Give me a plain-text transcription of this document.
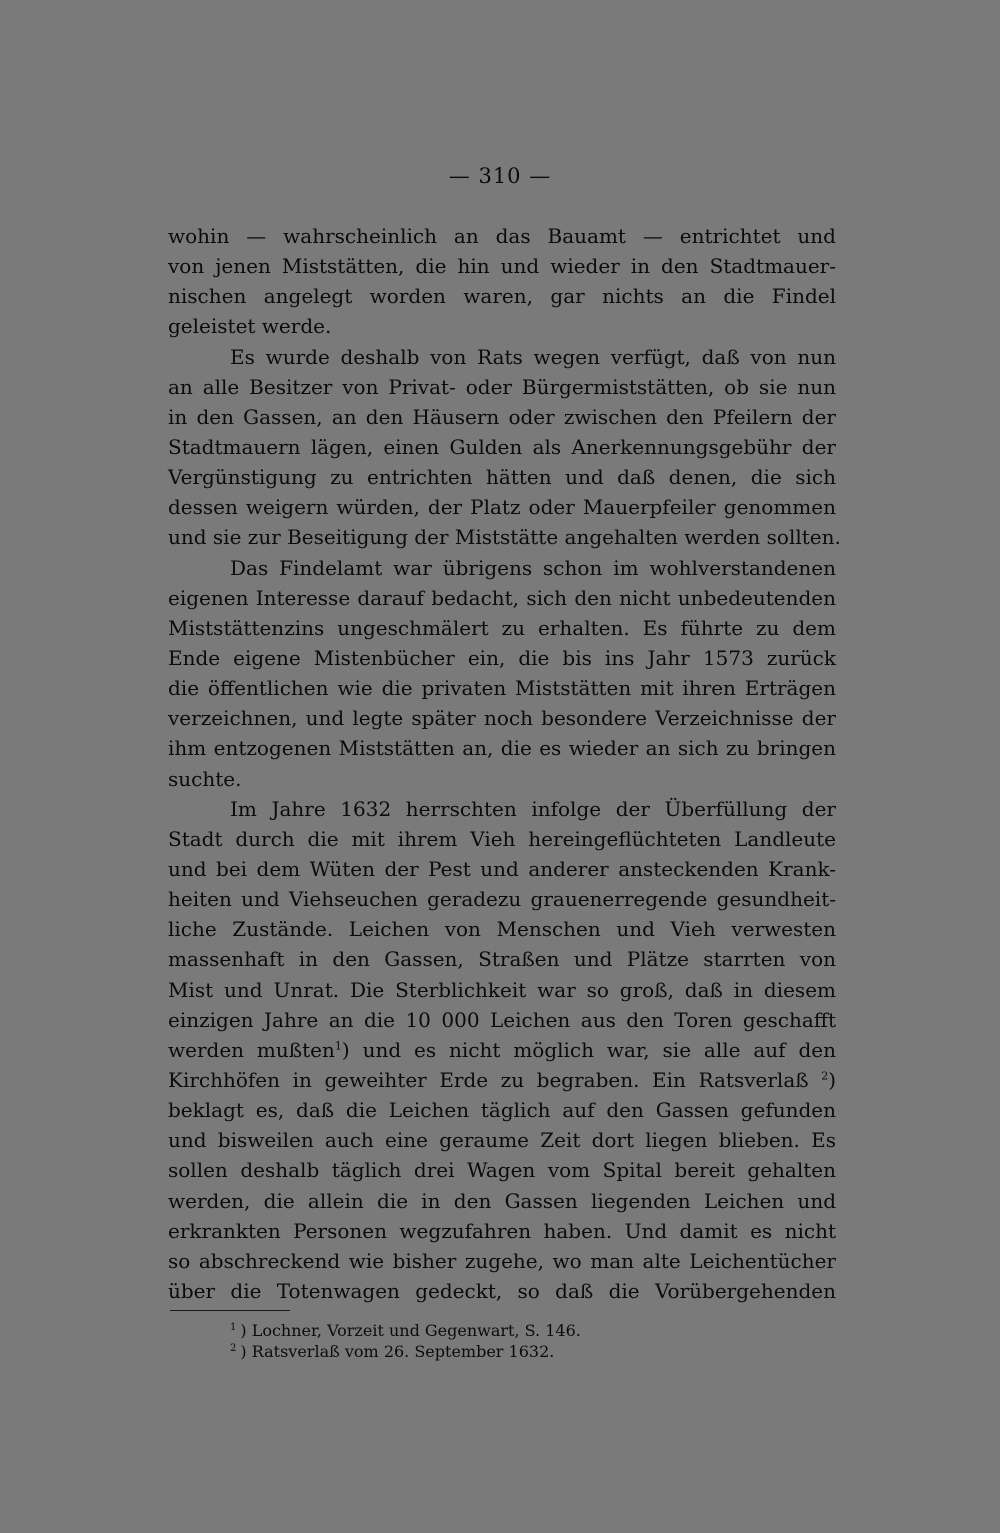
— 310 —
wohin — wahrscheinlich an das Bauamt — entrichtet und
von jenen Miststätten, die hin und wieder in den Stadtmauer-
nischen angelegt worden waren, gar nichts an die Findel
geleistet werde.
Es wurde deshalb von Rats wegen verfügt, daß von nun
an alle Besitzer von Privat- oder Bürgermiststätten, ob sie nun
in den Gassen, an den Häusern oder zwischen den Pfeilern der
Stadtmauern lägen, einen Gulden als Anerkennungsgebühr der
Vergünstigung zu entrichten hätten und daß denen, die sich
dessen weigern würden, der Platz oder Mauerpfeiler genommen
und sie zur Beseitigung der Miststätte angehalten werden sollten.
Das Findelamt war übrigens schon im wohlverstandenen
eigenen Interesse darauf bedacht, sich den nicht unbedeutenden
Miststättenzins ungeschmälert zu erhalten. Es führte zu dem
Ende eigene Mistenbücher ein, die bis ins Jahr 1573 zurück
die öffentlichen wie die privaten Miststätten mit ihren Erträgen
verzeichnen, und legte später noch besondere Verzeichnisse der
ihm entzogenen Miststätten an, die es wieder an sich zu bringen
suchte.
Im Jahre 1632 herrschten infolge der Überfüllung der
Stadt durch die mit ihrem Vieh hereingeflüchteten Landleute
und bei dem Wüten der Pest und anderer ansteckenden Krank-
heiten und Viehseuchen geradezu grauenerregende gesundheit-
liche Zustände. Leichen von Menschen und Vieh verwesten
massenhaft in den Gassen, Straßen und Plätze starrten von
Mist und Unrat. Die Sterblichkeit war so groß, daß in diesem
einzigen Jahre an die 10 000 Leichen aus den Toren geschafft
werden mußten$^1$) und es nicht möglich war, sie alle auf den
Kirchhöfen in geweihter Erde zu begraben. Ein Ratsverlaß $^2$)
beklagt es, daß die Leichen täglich auf den Gassen gefunden
und bisweilen auch eine geraume Zeit dort liegen blieben. Es
sollen deshalb täglich drei Wagen vom Spital bereit gehalten
werden, die allein die in den Gassen liegenden Leichen und
erkrankten Personen wegzufahren haben. Und damit es nicht
so abschreckend wie bisher zugehe, wo man alte Leichentücher
über die Totenwagen gedeckt, so daß die Vorübergehenden
$^1$ ) Lochner, Vorzeit und Gegenwart, S. 146.
$^2$ ) Ratsverlaß vom 26. September 1632.
